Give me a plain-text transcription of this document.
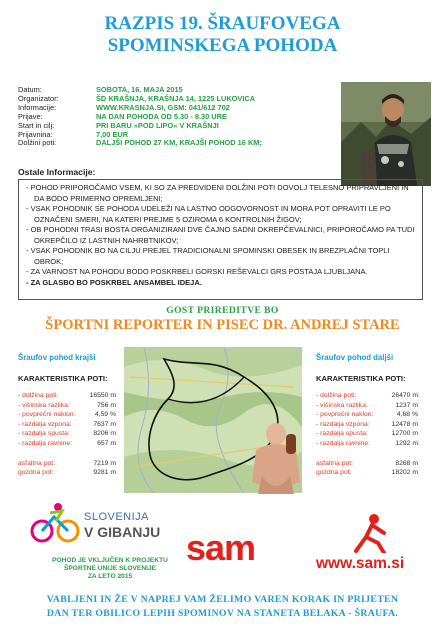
RAZPIS 19. ŠRAUFOVEGA
SPOMINSKEGA POHODA
Datum:	SOBOTA, 16. MAJA 2015
Organizator:	ŠD KRAŠNJA, KRAŠNJA 14, 1225 LUKOVICA
Informacije:	WWW.KRASNJA.SI, GSM: 041/612 702
Prijave:	NA DAN POHODA OD 5.30 - 8.30 URE
Start in cilj:	PRI BARU »POD LIPO« V KRAŠNJI
Prijavnina:	7,00 EUR
Dolžini poti:	DALJŠI POHOD 27 KM, KRAJŠI POHOD 16 KM;
Ostale Informacije:
- POHOD PRIPOROČAMO VSEM, KI SO ZA PREDVIDENI DOLŽINI POTI DOVOLJ TELESNO PRIPRAVLJENI IN DA BODO PRIMERNO OPREMLJENI;
- VSAK POHODNIK SE POHODA UDELEŽI NA LASTNO ODGOVORNOST IN MORA POT OPRAVITI LE PO OZNAČENI SMERI, NA KATERI PREJME 5 OZIROMA 6 KONTROLNIH ŽIGOV;
- OB POHODNI TRASI BOSTA ORGANIZIRANI DVE ČAJNO SADNI OKREPČEVALNICI, PRIPOROČAMO PA TUDI OKREPČILO IZ LASTNIH NAHRBTNIKOV;
- VSAK POHODNIK BO NA CILJU PREJEL TRADICIONALNI SPOMINSKI OBESEK IN BREZPLAČNI TOPLI OBROK;
- ZA VARNOST NA POHODU BODO POSKRBELI GORSKI REŠEVALCI GRS POSTAJA LJUBLJANA.
- ZA GLASBO BO POSKRBEL ANSAMBEL IDEJA.
GOST PRIREDITVE BO
ŠPORTNI REPORTER IN PISEC DR. ANDREJ STARE
Šraufov pohod krajši
KARAKTERISTIKA POTI:
- dolžina poti:	16550 m
- višinska razlika:	756 m
- povprečni naklon:	4,59 %
- razdalja vzpona:	7637 m
- razdalja spusta:	8206 m
- razdalja ravnine:	657 m
asfaltna pot:	7219 m
gozdna pot:	9281 m
Šraufov pohod daljši
KARAKTERISTIKA POTI:
- dolžina poti:	26470 m
- višinska razlika:	1237 m
- povprečni naklon:	4,68 %
- razdalja vzpona:	12478 m
- razdalja spusta:	12700 m
- razdalja ravnine:	1292 m
asfaltna pot:	8268 m
gozdna pot:	18202 m
SLOVENIJA
V GIBANJU
POHOD JE VKLJUČEN K PROJEKTU
ŠPORTNE UNIJE SLOVENIJE
ZA LETO 2015
sam	www.sam.si
VABLJENI IN ŽE V NAPREJ VAM ŽELIMO VAREN KORAK IN PRIJETEN
DAN TER OBILICO LEPIH SPOMINOV NA STANETA BELAKA - ŠRAUFA.
